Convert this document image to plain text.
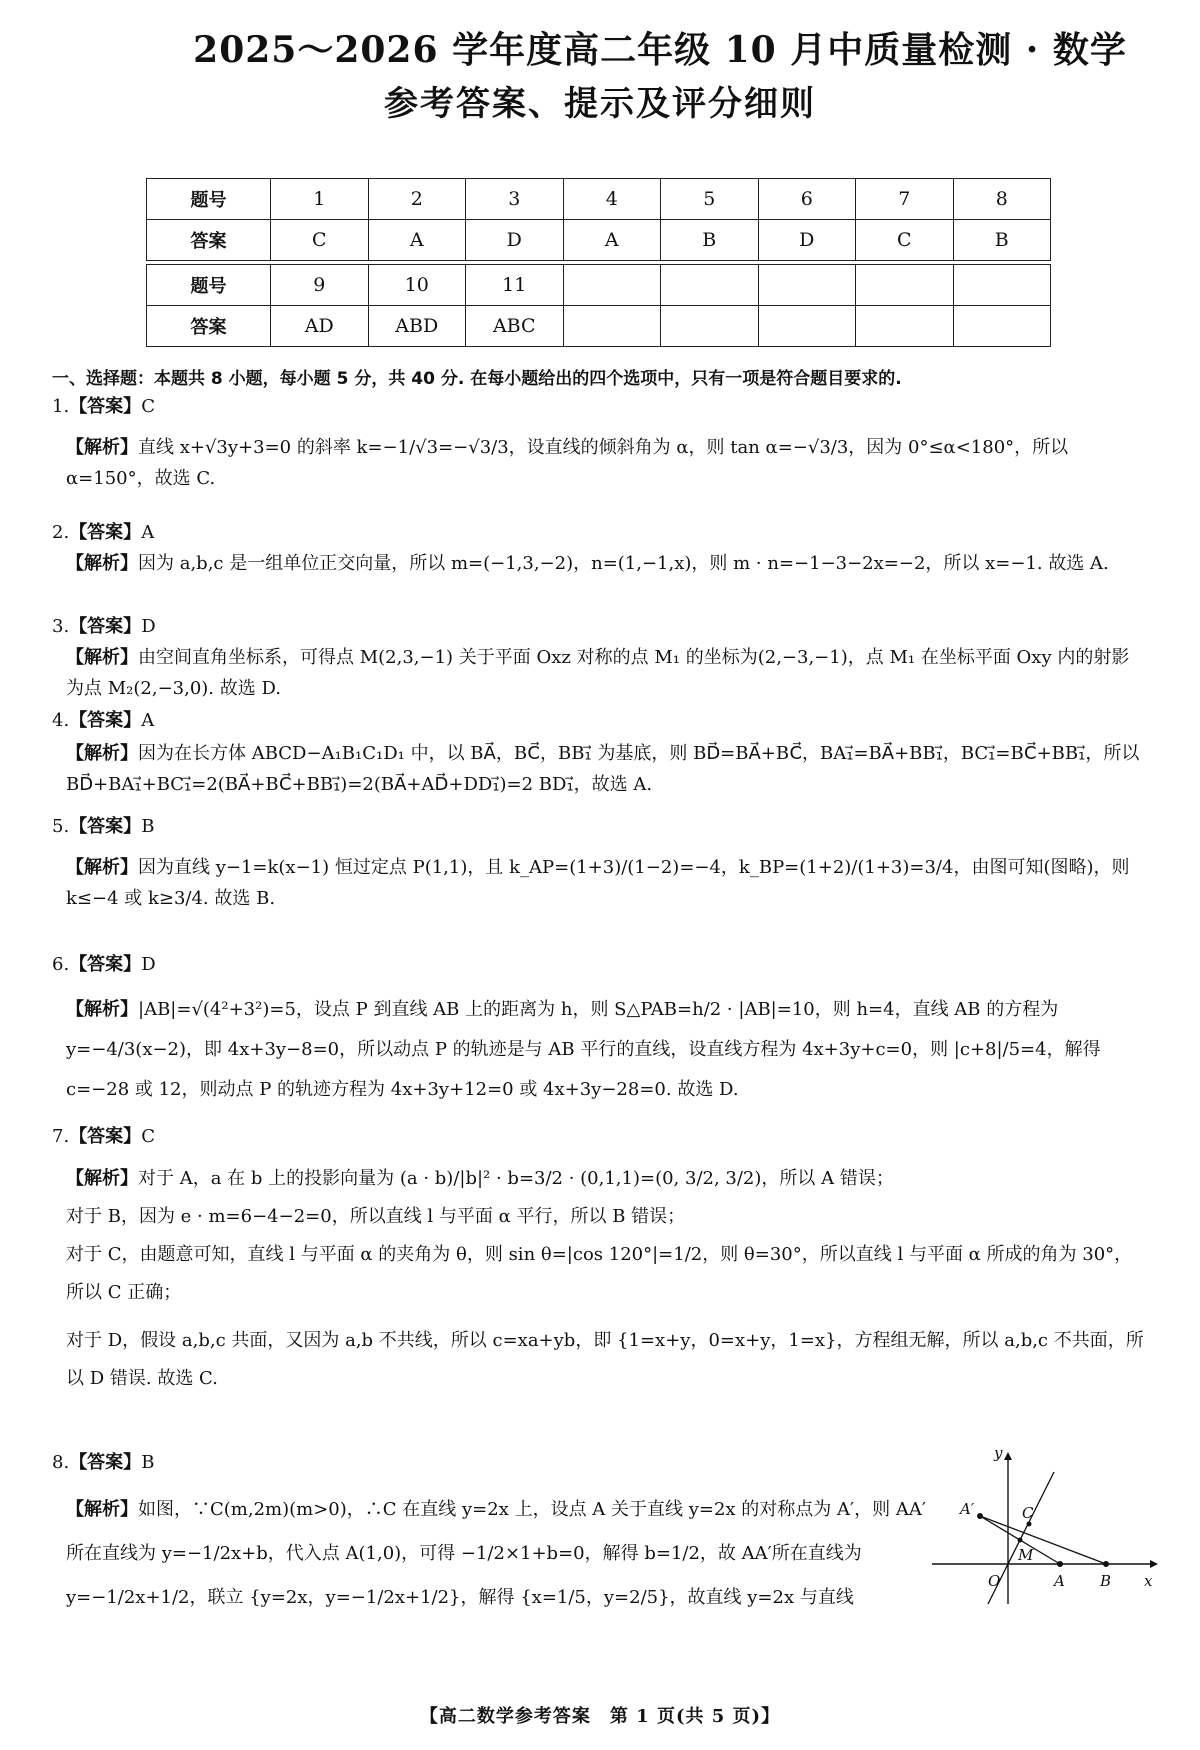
2025～2026 学年度高二年级 10 月中质量检测 · 数学
参考答案、提示及评分细则
题号	1	2	3	4	5	6	7	8
答案	C	A	D	A	B	D	C	B
题号	9	10	11					
答案	AD	ABD	ABC					
一、选择题：本题共 8 小题，每小题 5 分，共 40 分. 在每小题给出的四个选项中，只有一项是符合题目要求的.
1.【答案】C
【解析】直线 x+√3y+3=0 的斜率 k=−1/√3=−√3/3，设直线的倾斜角为 α，则 tan α=−√3/3，因为 0°≤α<180°，所以 α=150°，故选 C.
2.【答案】A
【解析】因为 a,b,c 是一组单位正交向量，所以 m=(−1,3,−2)，n=(1,−1,x)，则 m · n=−1−3−2x=−2，所以 x=−1. 故选 A.
3.【答案】D
【解析】由空间直角坐标系，可得点 M(2,3,−1) 关于平面 Oxz 对称的点 M₁ 的坐标为(2,−3,−1)，点 M₁ 在坐标平面 Oxy 内的射影为点 M₂(2,−3,0). 故选 D.
4.【答案】A
【解析】因为在长方体 ABCD−A₁B₁C₁D₁ 中，以 BA⃗，BC⃗，BB₁⃗ 为基底，则 BD⃗=BA⃗+BC⃗，BA₁⃗=BA⃗+BB₁⃗，BC₁⃗=BC⃗+BB₁⃗，所以 BD⃗+BA₁⃗+BC₁⃗=2(BA⃗+BC⃗+BB₁⃗)=2(BA⃗+AD⃗+DD₁⃗)=2 BD₁⃗，故选 A.
5.【答案】B
【解析】因为直线 y−1=k(x−1) 恒过定点 P(1,1)，且 k_AP=(1+3)/(1−2)=−4，k_BP=(1+2)/(1+3)=3/4，由图可知(图略)，则 k≤−4 或 k≥3/4. 故选 B.
6.【答案】D
【解析】|AB|=√(4²+3²)=5，设点 P 到直线 AB 上的距离为 h，则 S△PAB=h/2 · |AB|=10，则 h=4，直线 AB 的方程为 y=−4/3(x−2)，即 4x+3y−8=0，所以动点 P 的轨迹是与 AB 平行的直线，设直线方程为 4x+3y+c=0，则 |c+8|/5=4，解得 c=−28 或 12，则动点 P 的轨迹方程为 4x+3y+12=0 或 4x+3y−28=0. 故选 D.
7.【答案】C
【解析】对于 A，a 在 b 上的投影向量为 (a · b)/|b|² · b=3/2 · (0,1,1)=(0, 3/2, 3/2)，所以 A 错误；
对于 B，因为 e · m=6−4−2=0，所以直线 l 与平面 α 平行，所以 B 错误；
对于 C，由题意可知，直线 l 与平面 α 的夹角为 θ，则 sin θ=|cos 120°|=1/2，则 θ=30°，所以直线 l 与平面 α 所成的角为 30°，所以 C 正确；
对于 D，假设 a,b,c 共面，又因为 a,b 不共线，所以 c=xa+yb，即 {1=x+y，0=x+y，1=x}，方程组无解，所以 a,b,c 不共面，所以 D 错误. 故选 C.
8.【答案】B
【解析】如图，∵C(m,2m)(m>0)，∴C 在直线 y=2x 上，设点 A 关于直线 y=2x 的对称点为 A′，则 AA′所在直线为 y=−1/2x+b，代入点 A(1,0)，可得 −1/2×1+b=0，解得 b=1/2，故 AA′所在直线为 y=−1/2x+1/2，联立 {y=2x，y=−1/2x+1/2}，解得 {x=1/5，y=2/5}，故直线 y=2x 与直线
y
x
O	A B
C
M
A′
【高二数学参考答案　第 1 页(共 5 页)】
